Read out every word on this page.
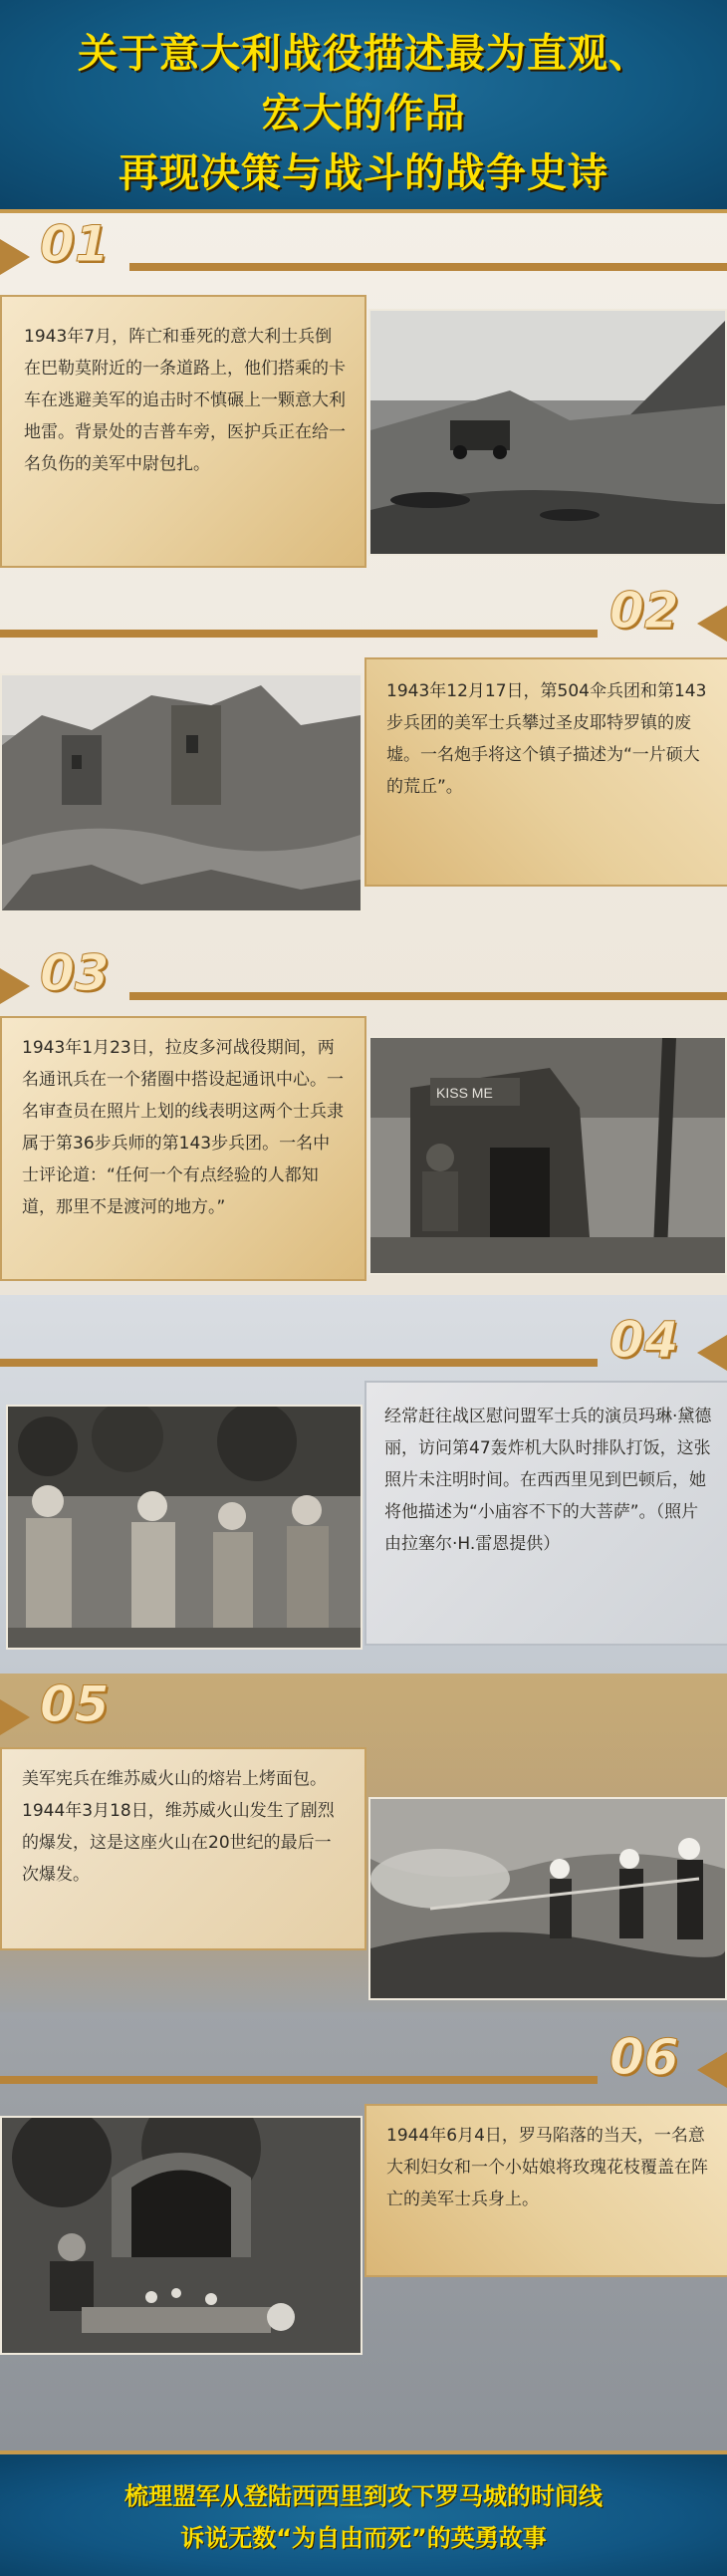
关于意大利战役描述最为直观、
宏大的作品
再现决策与战斗的战争史诗
01

1943年7月，阵亡和垂死的意大利士兵倒在巴勒莫附近的一条道路上，他们搭乘的卡车在逃避美军的追击时不慎碾上一颗意大利地雷。背景处的吉普车旁，医护兵正在给一名负伤的美军中尉包扎。

02

1943年12月17日，第504伞兵团和第143步兵团的美军士兵攀过圣皮耶特罗镇的废墟。一名炮手将这个镇子描述为“一片硕大的荒丘”。

03

1943年1月23日，拉皮多河战役期间，两名通讯兵在一个猪圈中搭设起通讯中心。一名审查员在照片上划的线表明这两个士兵隶属于第36步兵师的第143步兵团。一名中士评论道：“任何一个有点经验的人都知道，那里不是渡河的地方。”

KISS ME
04

经常赶往战区慰问盟军士兵的演员玛琳·黛德丽，访问第47轰炸机大队时排队打饭，这张照片未注明时间。在西西里见到巴顿后，她将他描述为“小庙容不下的大菩萨”。（照片由拉塞尔·H.雷恩提供）

05

美军宪兵在维苏威火山的熔岩上烤面包。1944年3月18日，维苏威火山发生了剧烈的爆发，这是这座火山在20世纪的最后一次爆发。

06

1944年6月4日，罗马陷落的当天，一名意大利妇女和一个小姑娘将玫瑰花枝覆盖在阵亡的美军士兵身上。

梳理盟军从登陆西西里到攻下罗马城的时间线
诉说无数“为自由而死”的英勇故事
